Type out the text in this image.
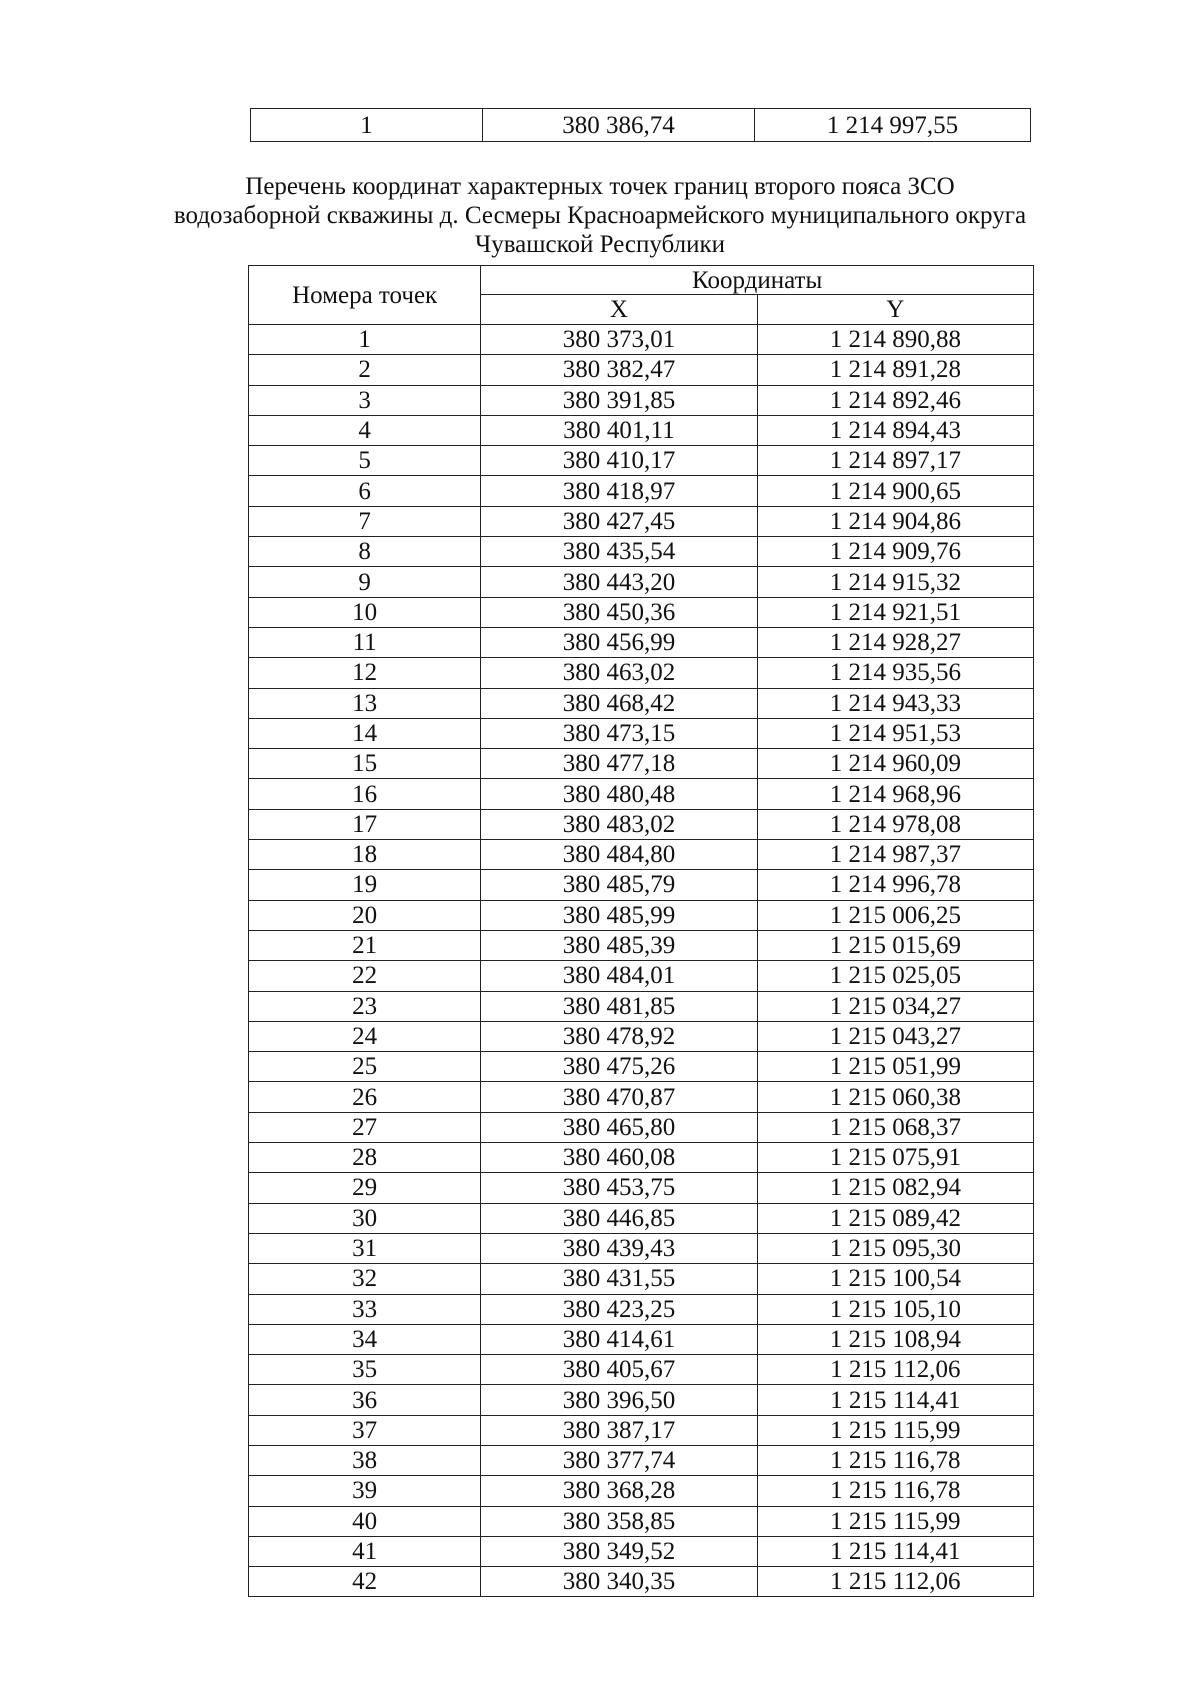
1	380 386,74	1 214 997,55
Перечень координат характерных точек границ второго пояса ЗСО
водозаборной скважины д. Сесмеры Красноармейского муниципального округа
Чувашской Республики
Номера точек	Координаты	
	X	Y
1	380 373,01	1 214 890,88
2	380 382,47	1 214 891,28
3	380 391,85	1 214 892,46
4	380 401,11	1 214 894,43
5	380 410,17	1 214 897,17
6	380 418,97	1 214 900,65
7	380 427,45	1 214 904,86
8	380 435,54	1 214 909,76
9	380 443,20	1 214 915,32
10	380 450,36	1 214 921,51
11	380 456,99	1 214 928,27
12	380 463,02	1 214 935,56
13	380 468,42	1 214 943,33
14	380 473,15	1 214 951,53
15	380 477,18	1 214 960,09
16	380 480,48	1 214 968,96
17	380 483,02	1 214 978,08
18	380 484,80	1 214 987,37
19	380 485,79	1 214 996,78
20	380 485,99	1 215 006,25
21	380 485,39	1 215 015,69
22	380 484,01	1 215 025,05
23	380 481,85	1 215 034,27
24	380 478,92	1 215 043,27
25	380 475,26	1 215 051,99
26	380 470,87	1 215 060,38
27	380 465,80	1 215 068,37
28	380 460,08	1 215 075,91
29	380 453,75	1 215 082,94
30	380 446,85	1 215 089,42
31	380 439,43	1 215 095,30
32	380 431,55	1 215 100,54
33	380 423,25	1 215 105,10
34	380 414,61	1 215 108,94
35	380 405,67	1 215 112,06
36	380 396,50	1 215 114,41
37	380 387,17	1 215 115,99
38	380 377,74	1 215 116,78
39	380 368,28	1 215 116,78
40	380 358,85	1 215 115,99
41	380 349,52	1 215 114,41
42	380 340,35	1 215 112,06
